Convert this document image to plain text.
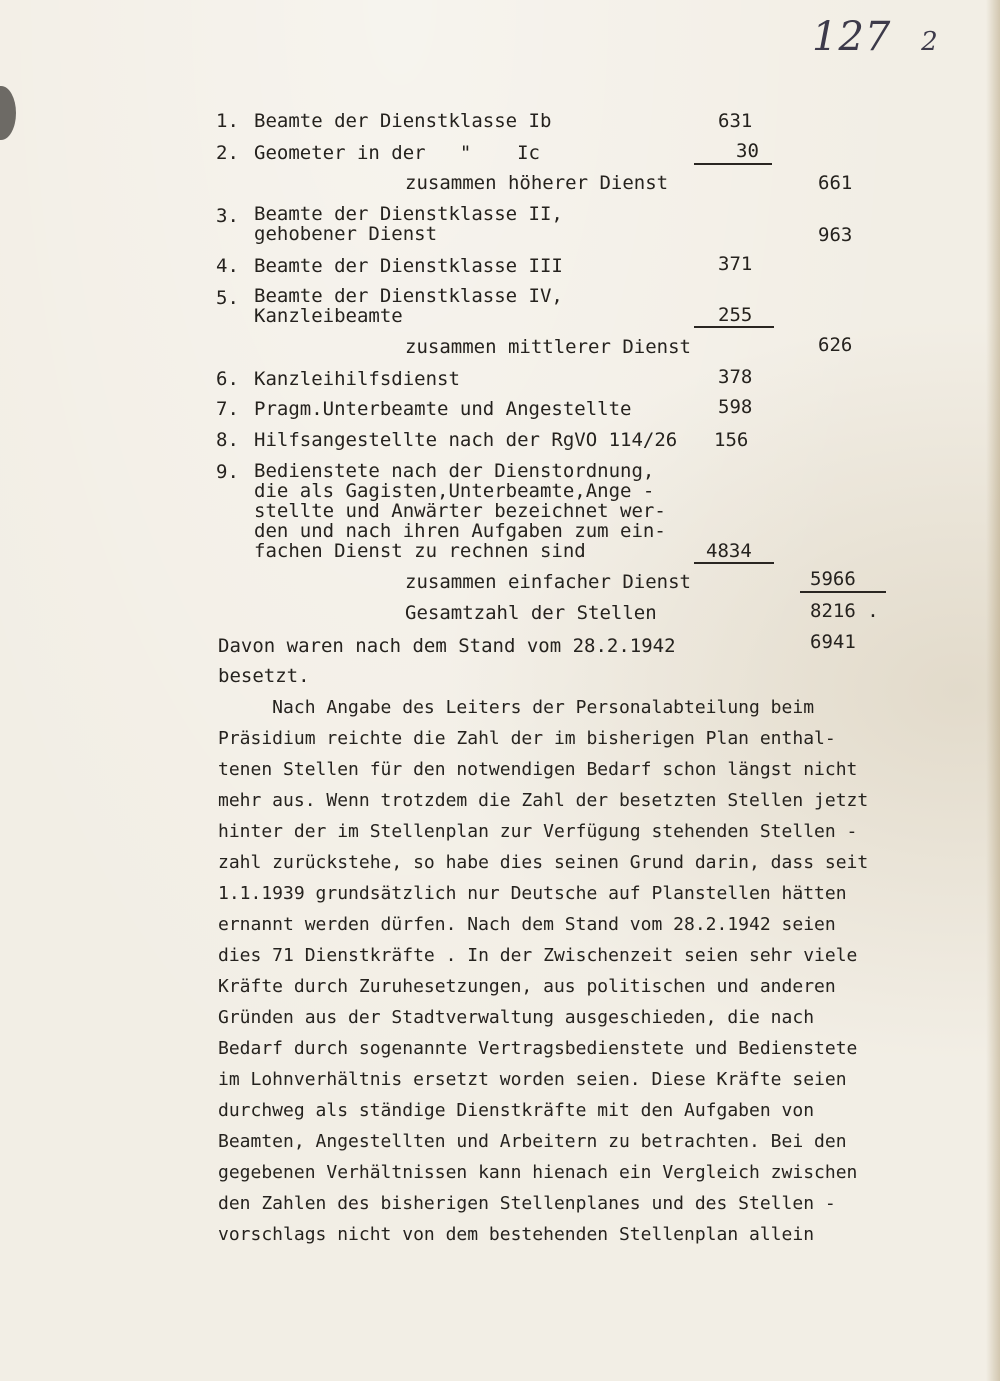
127 2
1. Beamte der Dienstklasse Ib	631
2. Geometer in der   "    Ic	30
zusammen höherer Dienst	661
3. Beamte der Dienstklasse II,
gehobener Dienst	963
4. Beamte der Dienstklasse III	371
5. Beamte der Dienstklasse IV,
Kanzleibeamte	255
zusammen mittlerer Dienst	626
6. Kanzleihilfsdienst	378
7. Pragm.Unterbeamte und Angestellte	598
8. Hilfsangestellte nach der RgVO 114/26 156
9. Bedienstete nach der Dienstordnung,
die als Gagisten,Unterbeamte,Ange -
stellte und Anwärter bezeichnet wer-
den und nach ihren Aufgaben zum ein-
fachen Dienst zu rechnen sind	4834
zusammen einfacher Dienst	5966
Gesamtzahl der Stellen	8216 .
Davon waren nach dem Stand vom 28.2.1942	6941
besetzt.
Nach Angabe des Leiters der Personalabteilung beim
Präsidium reichte die Zahl der im bisherigen Plan enthal-
tenen Stellen für den notwendigen Bedarf schon längst nicht
mehr aus. Wenn trotzdem die Zahl der besetzten Stellen jetzt
hinter der im Stellenplan zur Verfügung stehenden Stellen -
zahl zurückstehe, so habe dies seinen Grund darin, dass seit
1.1.1939 grundsätzlich nur Deutsche auf Planstellen hätten
ernannt werden dürfen. Nach dem Stand vom 28.2.1942 seien
dies 71 Dienstkräfte . In der Zwischenzeit seien sehr viele
Kräfte durch Zuruhesetzungen, aus politischen und anderen
Gründen aus der Stadtverwaltung ausgeschieden, die nach
Bedarf durch sogenannte Vertragsbedienstete und Bedienstete
im Lohnverhältnis ersetzt worden seien. Diese Kräfte seien
durchweg als ständige Dienstkräfte mit den Aufgaben von
Beamten, Angestellten und Arbeitern zu betrachten. Bei den
gegebenen Verhältnissen kann hienach ein Vergleich zwischen
den Zahlen des bisherigen Stellenplanes und des Stellen -
vorschlags nicht von dem bestehenden Stellenplan allein
